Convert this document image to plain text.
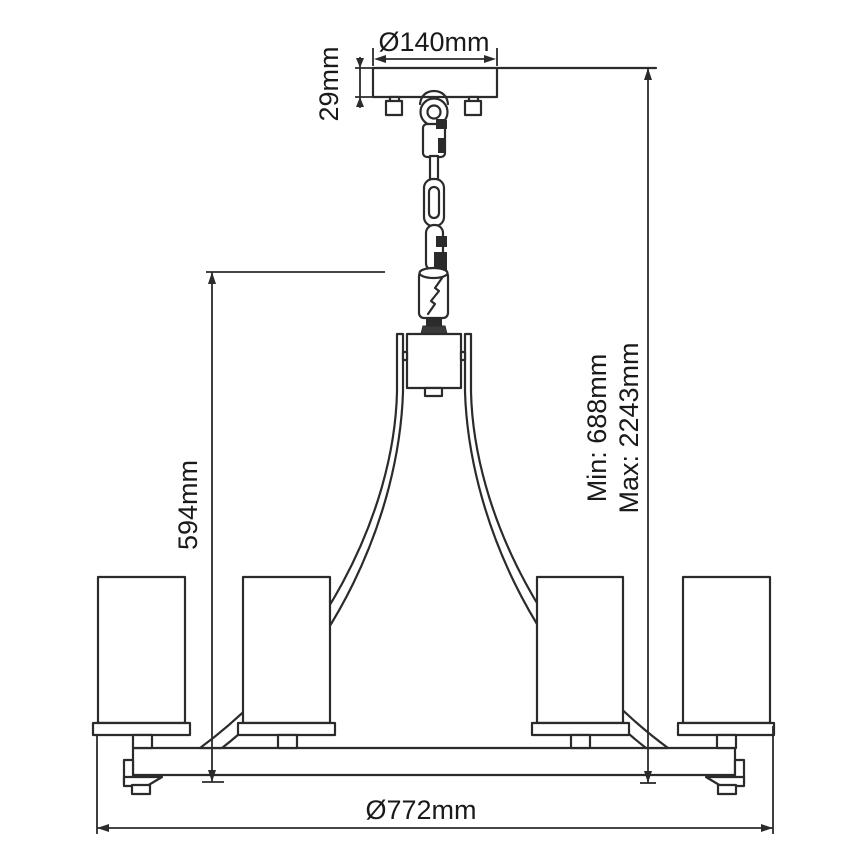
Ø140mm
29mm
594mm
Min: 688mm Max: 2243mm
Ø772mm
